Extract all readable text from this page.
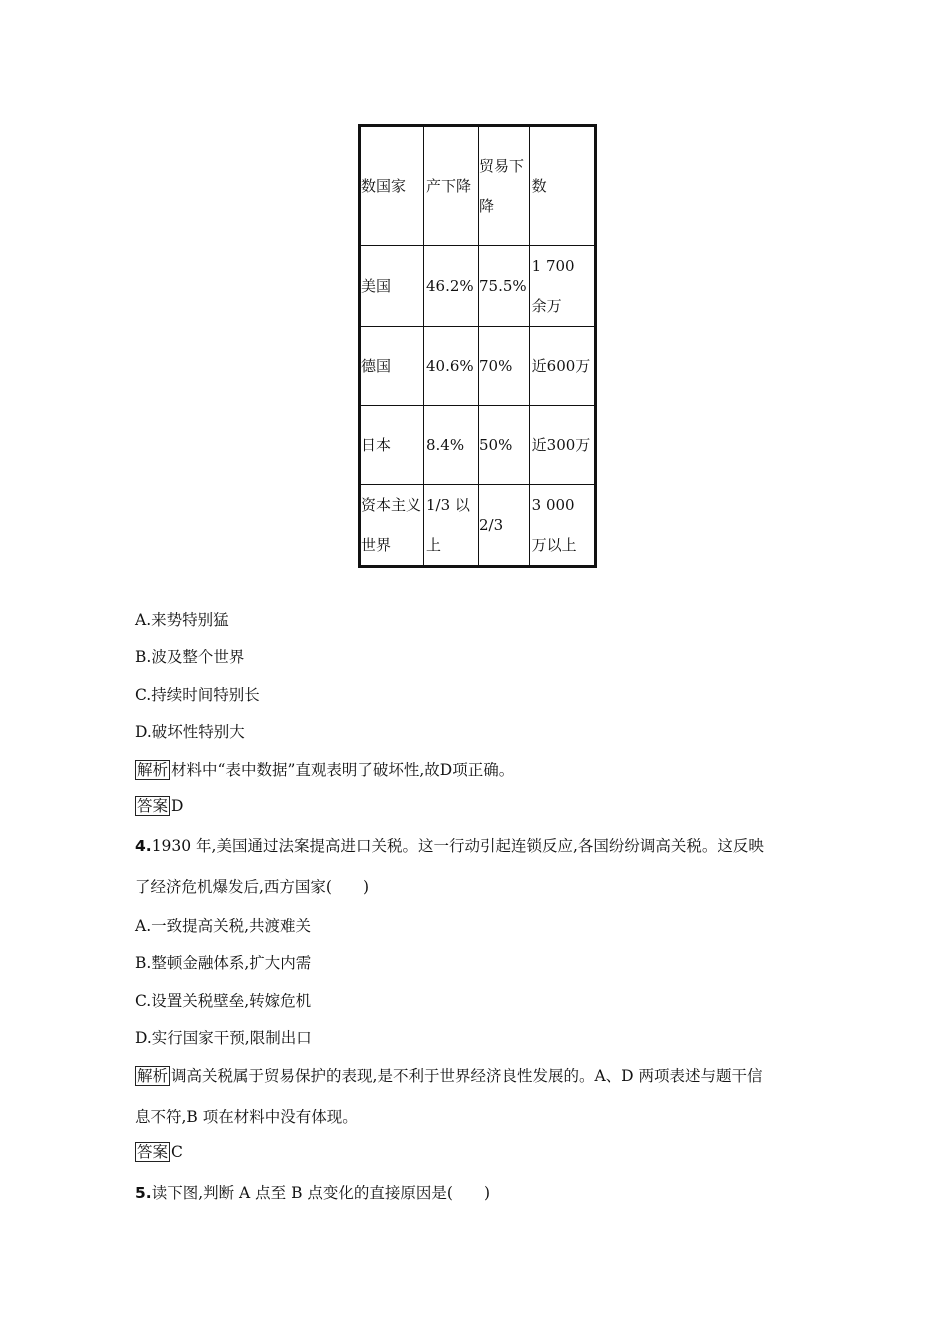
数国家	产下降	贸易下降	数
美国	46.2%	75.5%	1 700 余万

德国	40.6%	70%	近600万

日本	8.4%	50%	近300万

资本主义世界	1/3 以上	2/3	3 000 万以上
A.来势特别猛
B.波及整个世界
C.持续时间特别长
D.破坏性特别大
解析 材料中“表中数据”直观表明了破坏性,故D项正确。
答案 D
4.1930 年,美国通过法案提高进口关税。这一行动引起连锁反应,各国纷纷调高关税。这反映
了经济危机爆发后,西方国家(　　)
A.一致提高关税,共渡难关
B.整顿金融体系,扩大内需
C.设置关税壁垒,转嫁危机
D.实行国家干预,限制出口
解析 调高关税属于贸易保护的表现,是不利于世界经济良性发展的。A、D 两项表述与题干信
息不符,B 项在材料中没有体现。
答案 C
5.读下图,判断 A 点至 B 点变化的直接原因是(　　)
